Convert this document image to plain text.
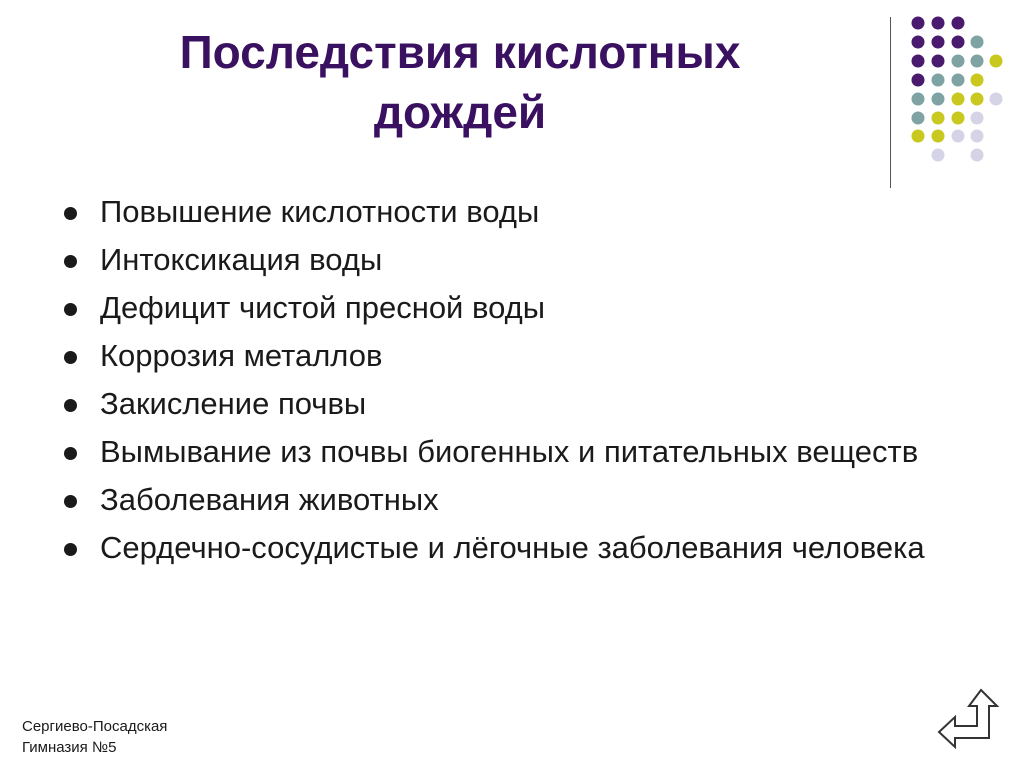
Последствия кислотных
дождей
Повышение кислотности воды
Интоксикация воды
Дефицит чистой пресной воды
Коррозия металлов
Закисление почвы
Вымывание из почвы биогенных и питательных веществ
Заболевания животных
Сердечно-сосудистые и лёгочные заболевания человека
Сергиево-Посадская
Гимназия №5
